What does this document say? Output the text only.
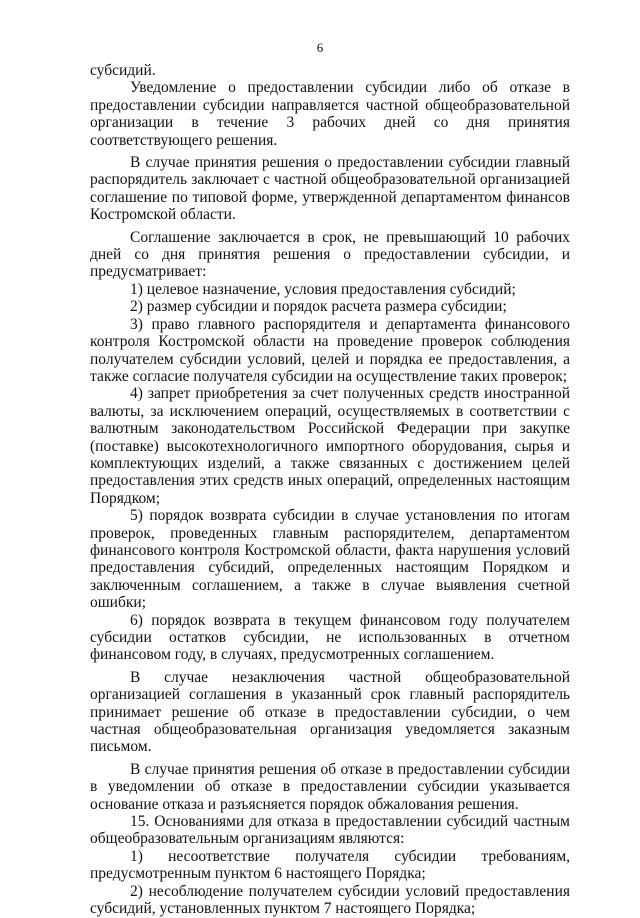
6

субсидий.

Уведомление о предоставлении субсидии либо об отказе в предоставлении субсидии направляется частной общеобразовательной организации в течение 3 рабочих дней со дня принятия соответствующего решения.

В случае принятия решения о предоставлении субсидии главный распорядитель заключает с частной общеобразовательной организацией соглашение по типовой форме, утвержденной департаментом финансов Костромской области.

Соглашение заключается в срок, не превышающий 10 рабочих дней со дня принятия решения о предоставлении субсидии, и предусматривает:

1) целевое назначение, условия предоставления субсидий;

2) размер субсидии и порядок расчета размера субсидии;

3) право главного распорядителя и департамента финансового контроля Костромской области на проведение проверок соблюдения получателем субсидии условий, целей и порядка ее предоставления, а также согласие получателя субсидии на осуществление таких проверок;

4) запрет приобретения за счет полученных средств иностранной валюты, за исключением операций, осуществляемых в соответствии с валютным законодательством Российской Федерации при закупке (поставке) высокотехнологичного импортного оборудования, сырья и комплектующих изделий, а также связанных с достижением целей предоставления этих средств иных операций, определенных настоящим Порядком;

5) порядок возврата субсидии в случае установления по итогам проверок, проведенных главным распорядителем, департаментом финансового контроля Костромской области, факта нарушения условий предоставления субсидий, определенных настоящим Порядком и заключенным соглашением, а также в случае выявления счетной ошибки;

6) порядок возврата в текущем финансовом году получателем субсидии остатков субсидии, не использованных в отчетном финансовом году, в случаях, предусмотренных соглашением.

В случае незаключения частной общеобразовательной организацией соглашения в указанный срок главный распорядитель принимает решение об отказе в предоставлении субсидии, о чем частная общеобразовательная организация уведомляется заказным письмом.

В случае принятия решения об отказе в предоставлении субсидии в уведомлении об отказе в предоставлении субсидии указывается основание отказа и разъясняется порядок обжалования решения.

15. Основаниями для отказа в предоставлении субсидий частным общеобразовательным организациям являются:

1) несоответствие получателя субсидии требованиям, предусмотренным пунктом 6 настоящего Порядка;

2) несоблюдение получателем субсидии условий предоставления субсидий, установленных пунктом 7 настоящего Порядка;
